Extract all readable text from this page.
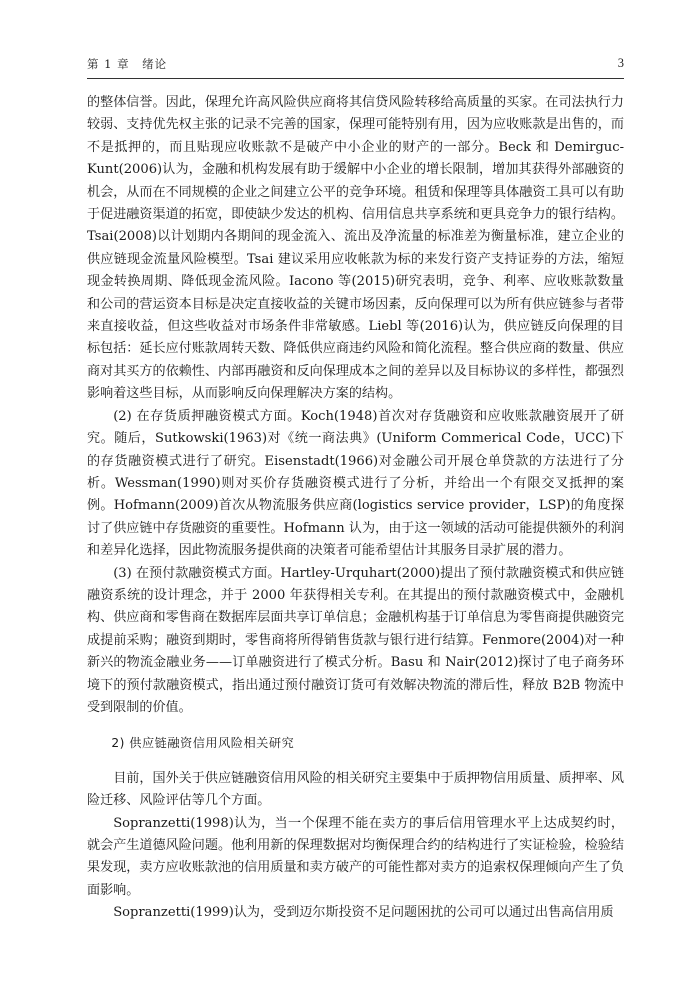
第 1 章　绪论	3

的整体信誉。因此，保理允许高风险供应商将其信贷风险转移给高质量的买家。在司法执行力较弱、支持优先权主张的记录不完善的国家，保理可能特别有用，因为应收账款是出售的，而不是抵押的，而且贴现应收账款不是破产中小企业的财产的一部分。Beck 和 Demirguc-Kunt(2006)认为，金融和机构发展有助于缓解中小企业的增长限制，增加其获得外部融资的机会，从而在不同规模的企业之间建立公平的竞争环境。租赁和保理等具体融资工具可以有助于促进融资渠道的拓宽，即使缺少发达的机构、信用信息共享系统和更具竞争力的银行结构。Tsai(2008)以计划期内各期间的现金流入、流出及净流量的标准差为衡量标准，建立企业的供应链现金流量风险模型。Tsai 建议采用应收帐款为标的来发行资产支持证券的方法，缩短现金转换周期、降低现金流风险。Iacono 等(2015)研究表明，竞争、利率、应收账款数量和公司的营运资本目标是决定直接收益的关键市场因素，反向保理可以为所有供应链参与者带来直接收益，但这些收益对市场条件非常敏感。Liebl 等(2016)认为，供应链反向保理的目标包括：延长应付账款周转天数、降低供应商违约风险和简化流程。整合供应商的数量、供应商对其买方的依赖性、内部再融资和反向保理成本之间的差异以及目标协议的多样性，都强烈影响着这些目标，从而影响反向保理解决方案的结构。

(2) 在存货质押融资模式方面。Koch(1948)首次对存货融资和应收账款融资展开了研究。随后，Sutkowski(1963)对《统一商法典》(Uniform Commerical Code，UCC)下的存货融资模式进行了研究。Eisenstadt(1966)对金融公司开展仓单贷款的方法进行了分析。Wessman(1990)则对买价存货融资模式进行了分析，并给出一个有限交叉抵押的案例。Hofmann(2009)首次从物流服务供应商(logistics service provider，LSP)的角度探讨了供应链中存货融资的重要性。Hofmann 认为，由于这一领域的活动可能提供额外的利润和差异化选择，因此物流服务提供商的决策者可能希望估计其服务目录扩展的潜力。

(3) 在预付款融资模式方面。Hartley-Urquhart(2000)提出了预付款融资模式和供应链融资系统的设计理念，并于 2000 年获得相关专利。在其提出的预付款融资模式中，金融机构、供应商和零售商在数据库层面共享订单信息；金融机构基于订单信息为零售商提供融资完成提前采购；融资到期时，零售商将所得销售货款与银行进行结算。Fenmore(2004)对一种新兴的物流金融业务——订单融资进行了模式分析。Basu 和 Nair(2012)探讨了电子商务环境下的预付款融资模式，指出通过预付融资订货可有效解决物流的滞后性，释放 B2B 物流中受到限制的价值。

2) 供应链融资信用风险相关研究

目前，国外关于供应链融资信用风险的相关研究主要集中于质押物信用质量、质押率、风险迁移、风险评估等几个方面。

Sopranzetti(1998)认为，当一个保理不能在卖方的事后信用管理水平上达成契约时，就会产生道德风险问题。他利用新的保理数据对均衡保理合约的结构进行了实证检验，检验结果发现，卖方应收账款池的信用质量和卖方破产的可能性都对卖方的追索权保理倾向产生了负面影响。

Sopranzetti(1999)认为，受到迈尔斯投资不足问题困扰的公司可以通过出售高信用质
